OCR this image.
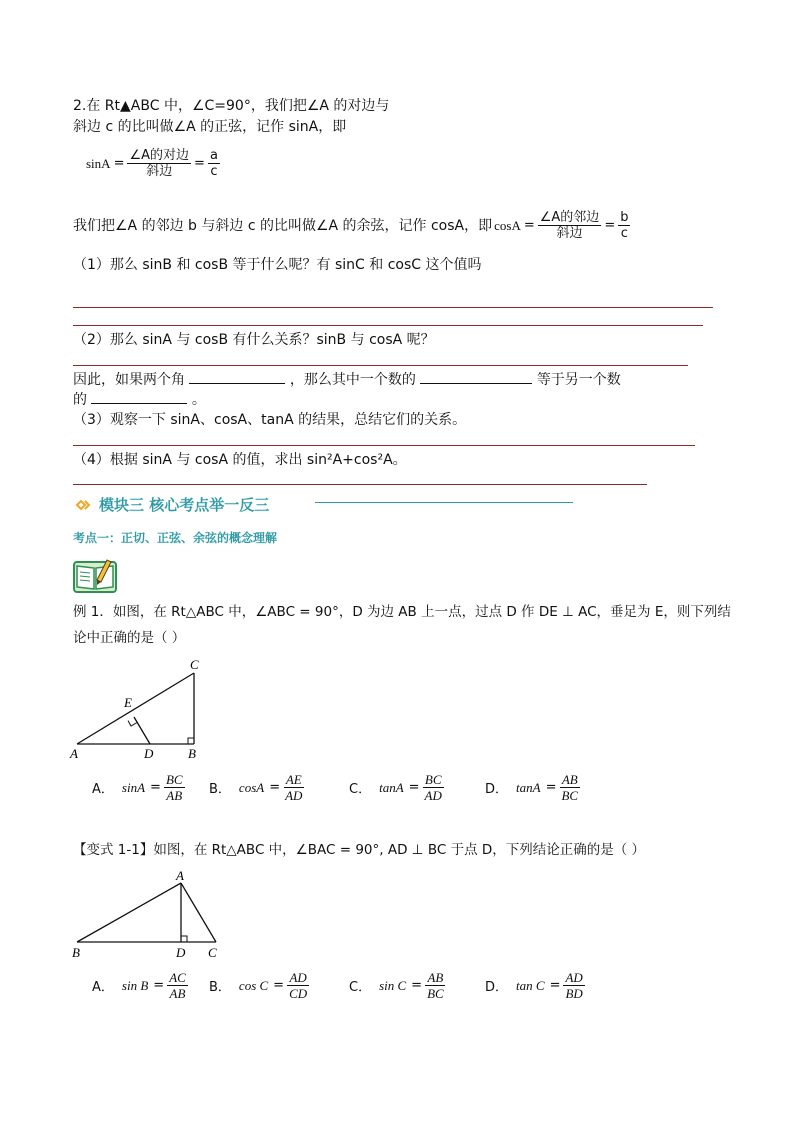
2.在 Rt▲ABC 中，∠C=90°，我们把∠A 的对边与
斜边 c 的比叫做∠A 的正弦，记作 sinA，即
$\sin A = \frac{\text{∠A的对边}}{\text{斜边}} = \frac{a}{c}$
我们把∠A 的邻边 b 与斜边 c 的比叫做∠A 的余弦，记作 cosA，即 $\cos A = \frac{\text{∠A的邻边}}{\text{斜边}} = \frac{b}{c}$
（1）那么 sinB 和 cosB 等于什么呢？有 sinC 和 cosC 这个值吗
（2）那么 sinA 与 cosB 有什么关系？sinB 与 cosA 呢？
因此，如果两个角	，那么其中一个数的	等于另一个数
的	。
（3）观察一下 sinA、cosA、tanA 的结果，总结它们的关系。
（4）根据 sinA 与 cosA 的值，求出 sin²A+cos²A。
模块三 核心考点举一反三
考点一：正切、正弦、余弦的概念理解
例 1．如图，在 Rt△ABC 中，∠ABC = 90°，D 为边 AB 上一点，过点 D 作 DE ⊥ AC，垂足为 E，则下列结
论中正确的是（ ）
A	B
C
D
E
A． $\sin A = \frac{BC}{AB}$ B． $\cos A = \frac{AE}{AD}$	C． $\tan A = \frac{BC}{AD}$	D． $\tan A = \frac{AB}{BC}$
【变式 1-1】如图，在 Rt△ABC 中，∠BAC = 90°, AD ⊥ BC 于点 D，下列结论正确的是（ ）
A
B	C
D
A． $\sin B = \frac{AC}{AB}$ B． $\cos C = \frac{AD}{CD}$	C． $\sin C = \frac{AB}{BC}$	D． $\tan C = \frac{AD}{BD}$
